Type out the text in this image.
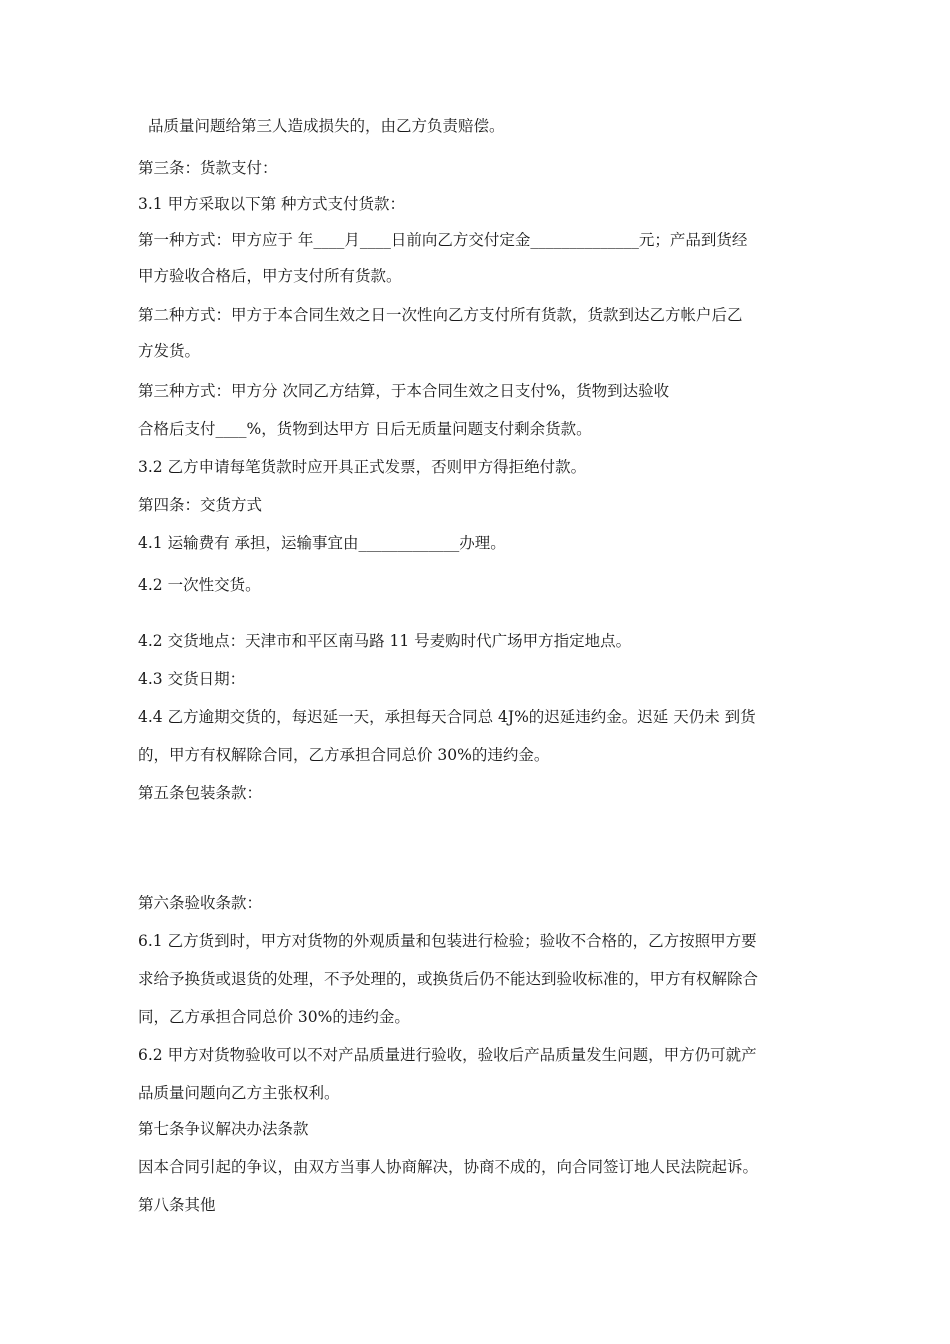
品质量问题给第三人造成损失的，由乙方负责赔偿。
第三条：货款支付：
3.1 甲方采取以下第 种方式支付货款：
第一种方式：甲方应于 年____月____日前向乙方交付定金______________元；产品到货经
甲方验收合格后，甲方支付所有货款。
第二种方式：甲方于本合同生效之日一次性向乙方支付所有货款，货款到达乙方帐户后乙
方发货。
第三种方式：甲方分 次同乙方结算，于本合同生效之日支付%，货物到达验收
合格后支付____%，货物到达甲方 日后无质量问题支付剩余货款。
3.2 乙方申请每笔货款时应开具正式发票，否则甲方得拒绝付款。
第四条：交货方式
4.1 运输费有 承担，运输事宜由_____________办理。
4.2 一次性交货。
4.2 交货地点：天津市和平区南马路 11 号麦购时代广场甲方指定地点。
4.3 交货日期：
4.4 乙方逾期交货的，每迟延一天，承担每天合同总 4J%的迟延违约金。迟延 天仍未 到货
的，甲方有权解除合同，乙方承担合同总价 30%的违约金。
第五条包装条款：
第六条验收条款：
6.1 乙方货到时，甲方对货物的外观质量和包装进行检验；验收不合格的，乙方按照甲方要
求给予换货或退货的处理，不予处理的，或换货后仍不能达到验收标准的，甲方有权解除合
同，乙方承担合同总价 30%的违约金。
6.2 甲方对货物验收可以不对产品质量进行验收，验收后产品质量发生问题，甲方仍可就产
品质量问题向乙方主张权利。
第七条争议解决办法条款
因本合同引起的争议，由双方当事人协商解决，协商不成的，向合同签订地人民法院起诉。
第八条其他
